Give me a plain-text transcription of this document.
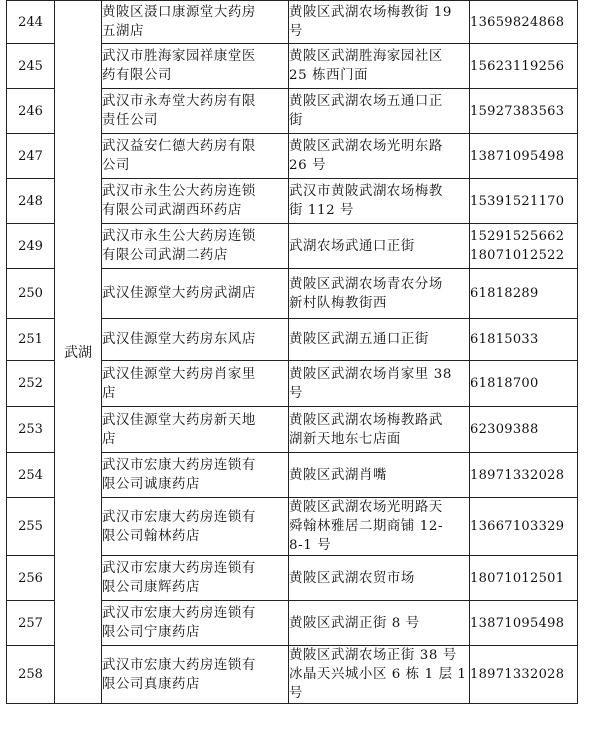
244	武湖	黄陂区滠口康源堂大药房
五湖店	黄陂区武湖农场梅教街 19
号	13659824868

245		武汉市胜海家园祥康堂医
药有限公司	黄陂区武湖胜海家园社区
25 栋西门面	15623119256

246		武汉市永寿堂大药房有限
责任公司	黄陂区武湖农场五通口正
街	15927383563

247		武汉益安仁德大药房有限
公司	黄陂区武湖农场光明东路
26 号	13871095498

248		武汉市永生公大药房连锁
有限公司武湖西环药店	武汉市黄陂武湖农场梅教
街 112 号	15391521170

249		武汉市永生公大药房连锁
有限公司武湖二药店	武湖农场武通口正街	15291525662
18071012522

250		武汉佳源堂大药房武湖店	黄陂区武湖农场青农分场
新村队梅教街西	61818289

251		武汉佳源堂大药房东风店	黄陂区武湖五通口正街	61815033

252		武汉佳源堂大药房肖家里
店	黄陂区武湖农场肖家里 38
号	61818700

253		武汉佳源堂大药房新天地
店	黄陂区武湖农场梅教路武
湖新天地东七店面	62309388

254		武汉市宏康大药房连锁有
限公司诚康药店	黄陂区武湖肖嘴	18971332028

255		武汉市宏康大药房连锁有
限公司翰林药店	黄陂区武湖农场光明路天
舜翰林雅居二期商铺 12-
8-1 号	13667103329

256		武汉市宏康大药房连锁有
限公司康辉药店	黄陂区武湖农贸市场	18071012501

257		武汉市宏康大药房连锁有
限公司宁康药店	黄陂区武湖正街 8 号	13871095498

258		武汉市宏康大药房连锁有
限公司真康药店	黄陂区武湖农场正街 38 号
冰晶天兴城小区 6 栋 1 层 1
号	18971332028
